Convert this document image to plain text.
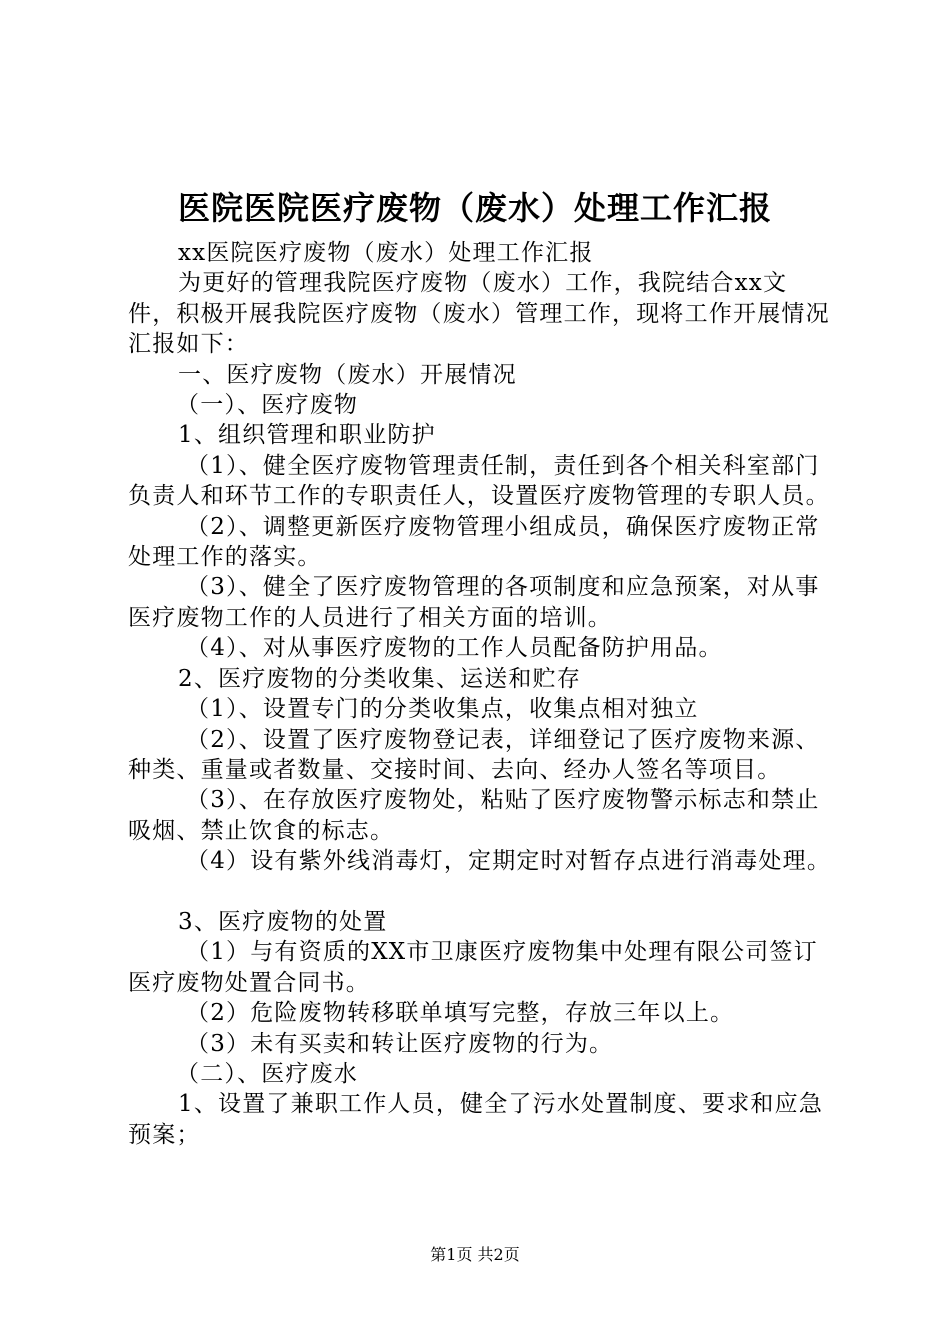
医院医院医疗废物（废水）处理工作汇报

xx医院医疗废物（废水）处理工作汇报

为更好的管理我院医疗废物（废水）工作，我院结合xx文件，积极开展我院医疗废物（废水）管理工作，现将工作开展情况汇报如下：

一、医疗废物（废水）开展情况

（一）、医疗废物

1、组织管理和职业防护

（1）、健全医疗废物管理责任制，责任到各个相关科室部门负责人和环节工作的专职责任人，设置医疗废物管理的专职人员。

（2）、调整更新医疗废物管理小组成员，确保医疗废物正常处理工作的落实。

（3）、健全了医疗废物管理的各项制度和应急预案，对从事医疗废物工作的人员进行了相关方面的培训。

（4）、对从事医疗废物的工作人员配备防护用品。

2、医疗废物的分类收集、运送和贮存

（1）、设置专门的分类收集点，收集点相对独立

（2）、设置了医疗废物登记表，详细登记了医疗废物来源、种类、重量或者数量、交接时间、去向、经办人签名等项目。

（3）、在存放医疗废物处，粘贴了医疗废物警示标志和禁止吸烟、禁止饮食的标志。

（4）设有紫外线消毒灯，定期定时对暂存点进行消毒处理。

3、医疗废物的处置

（1）与有资质的XX市卫康医疗废物集中处理有限公司签订医疗废物处置合同书。

（2）危险废物转移联单填写完整，存放三年以上。

（3）未有买卖和转让医疗废物的行为。

（二）、医疗废水

1、设置了兼职工作人员，健全了污水处置制度、要求和应急预案；

第1页 共2页
